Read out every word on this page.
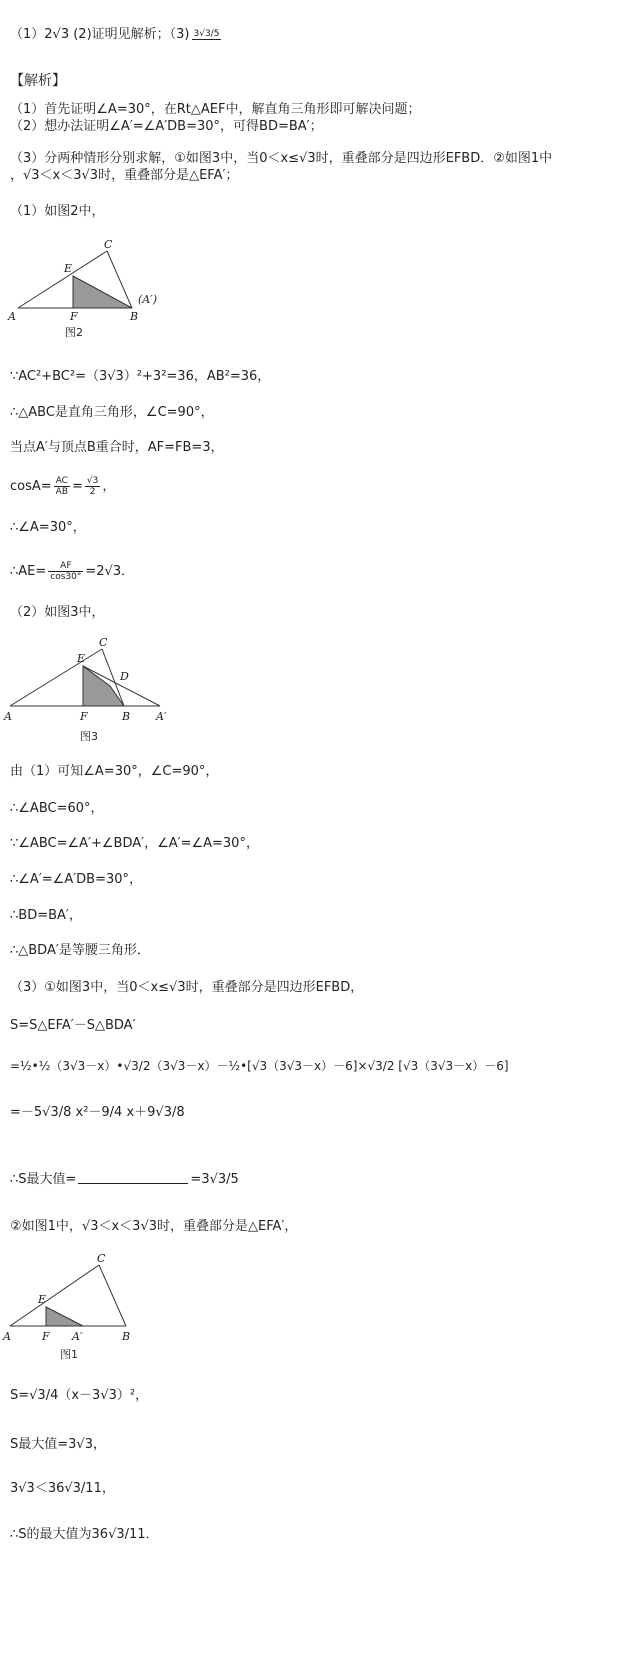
（1）2√3 (2)证明见解析；（3) 3√3/5
【解析】
（1）首先证明∠A=30°，在Rt△AEF中，解直角三角形即可解决问题；
（2）想办法证明∠A′=∠A′DB=30°，可得BD=BA′；
（3）分两种情形分别求解，①如图3中，当0＜x≤√3时，重叠部分是四边形EFBD．②如图1中
，√3＜x＜3√3时，重叠部分是△EFA′；
（1）如图2中，
C
E
A	F	B
(A′)
图2
∵AC²+BC²=（3√3）²+3²=36，AB²=36，
∴△ABC是直角三角形，∠C=90°，
当点A′与顶点B重合时，AF=FB=3，
$\cos A= \frac{AC}{AB} = \frac{√3}{2}$ ，
∴∠A=30°，
∴AE= $\frac{AF}{\cos 30^\circ} =2√3$．
（2）如图3中，
C
E
D
A	F	B A′
图3
由（1）可知∠A=30°，∠C=90°，
∴∠ABC=60°，
∵∠ABC=∠A′+∠BDA′，∠A′=∠A=30°，
∴∠A′=∠A′DB=30°，
∴BD=BA′，
∴△BDA′是等腰三角形．
（3）①如图3中，当0＜x≤√3时，重叠部分是四边形EFBD，
S=S△EFA′－S△BDA′
=½•½（3√3－x）•√3/2（3√3－x）－½•[√3（3√3－x）－6]×√3/2 [√3（3√3－x）－6]
=－5√3/8 x²－9/4 x＋9√3/8
∴S最大值=	=3√3/5
②如图1中，√3＜x＜3√3时，重叠部分是△EFA′，
C
E
A	F A′	B
图1
S=√3/4（x－3√3）²，
S最大值=3√3，
3√3＜36√3/11，
∴S的最大值为36√3/11．
